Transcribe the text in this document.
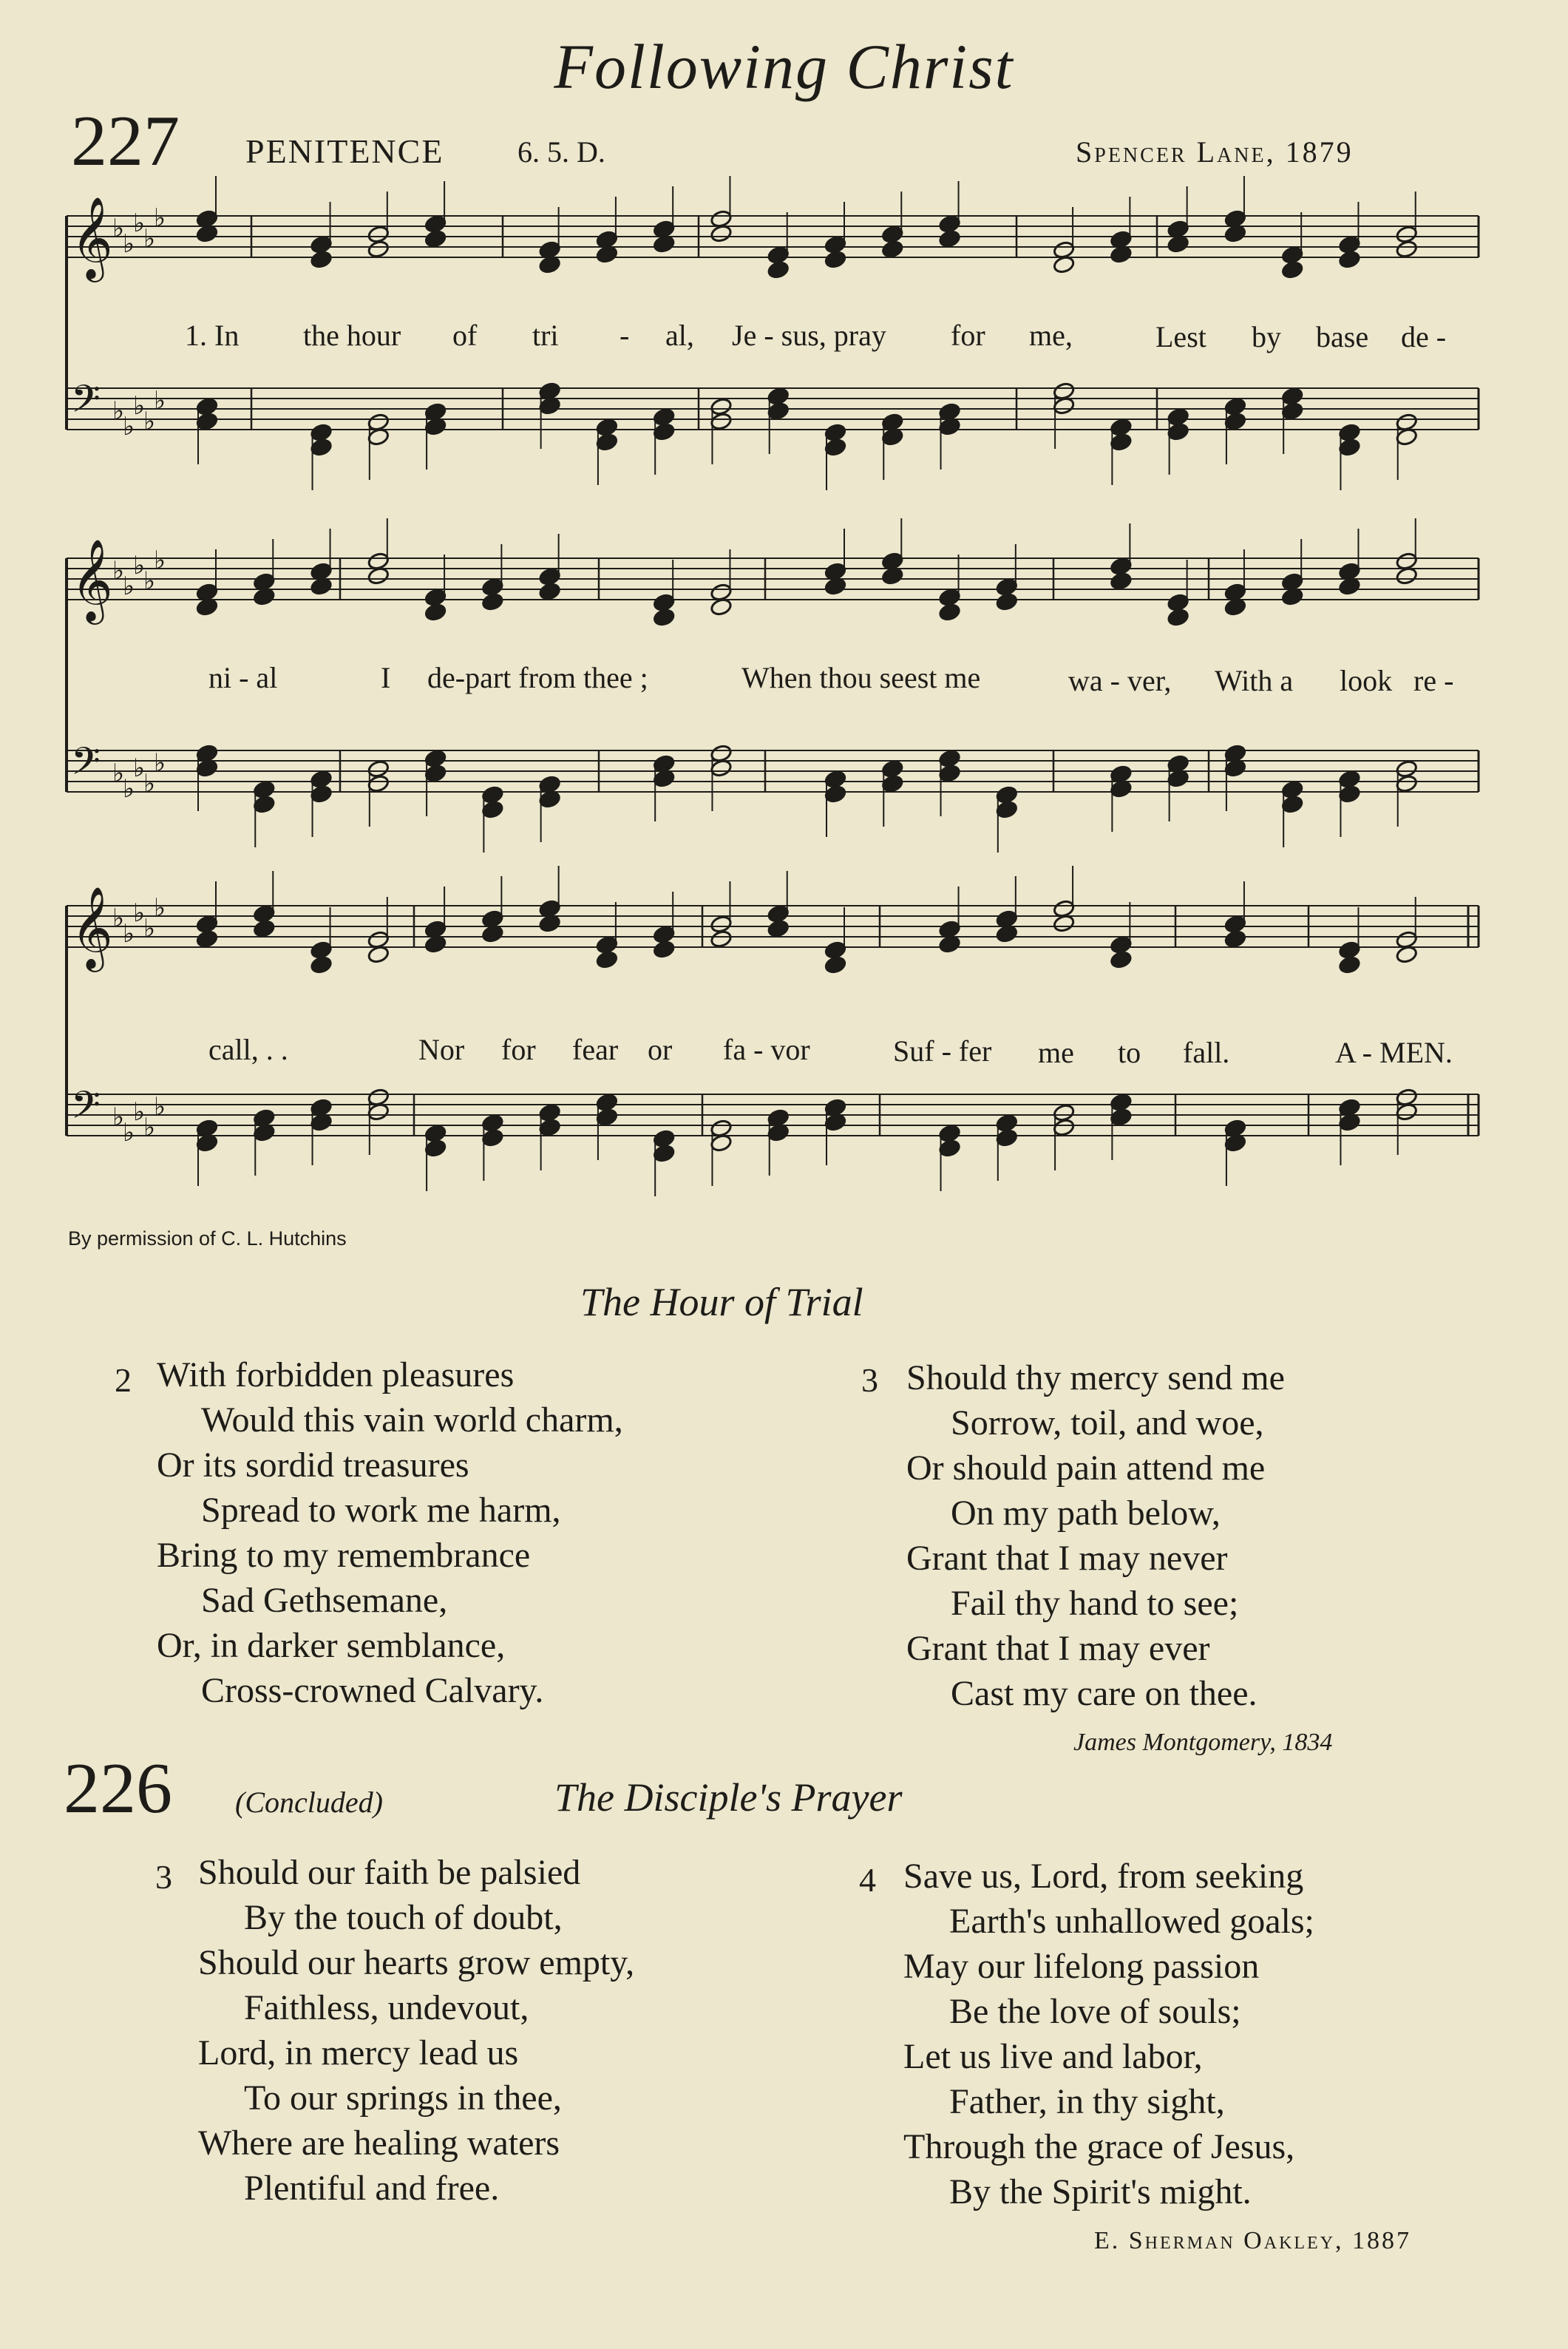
Following Christ
227 PENITENCE 6. 5. D.	Spencer Lane, 1879
𝄞 ♭
♭
♭
♭
♭
𝄢 ♭
♭
♭
♭
♭
𝄞 ♭
♭
♭
♭
♭
𝄢 ♭
♭
♭
♭
♭
𝄞 ♭
♭
♭
♭
♭
𝄢 ♭
♭
♭
♭
♭
1. In the hour of tri - al, Je - sus, pray for me,	Lest by base de -
ni - al	I de-part from thee ;	When thou seest me	wa - ver, With a look re -
call, . .	Nor for fear or fa - vor	Suf - fer me to fall.	A - MEN.
By permission of C. L. Hutchins
The Hour of Trial
2 With forbidden pleasures
Would this vain world charm,
Or its sordid treasures
Spread to work me harm,
Bring to my remembrance
Sad Gethsemane,
Or, in darker semblance,
Cross-crowned Calvary.
3 Should thy mercy send me
Sorrow, toil, and woe,
Or should pain attend me
On my path below,
Grant that I may never
Fail thy hand to see;
Grant that I may ever
Cast my care on thee.
James Montgomery, 1834
226 (Concluded)	The Disciple's Prayer
3 Should our faith be palsied
By the touch of doubt,
Should our hearts grow empty,
Faithless, undevout,
Lord, in mercy lead us
To our springs in thee,
Where are healing waters
Plentiful and free.
4 Save us, Lord, from seeking
Earth's unhallowed goals;
May our lifelong passion
Be the love of souls;
Let us live and labor,
Father, in thy sight,
Through the grace of Jesus,
By the Spirit's might.
E. Sherman Oakley, 1887
